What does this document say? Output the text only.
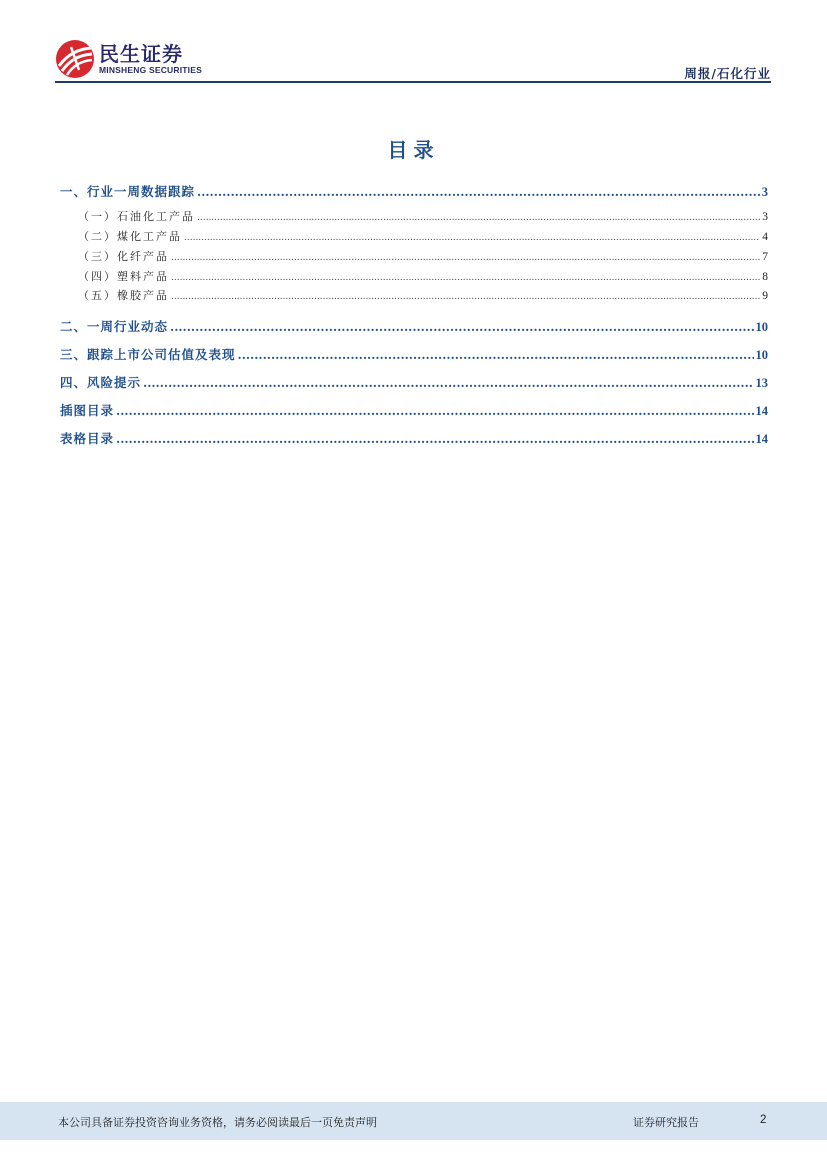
民生证券
MINSHENG SECURITIES	周报/石化行业
目录
一、行业一周数据跟踪 .....	3
（一）石油化工产品 .....	3
（二）煤化工产品 .....	4
（三）化纤产品 .....	7
（四）塑料产品 .....	8
（五）橡胶产品 .....	9
二、一周行业动态 .....	10
三、跟踪上市公司估值及表现 .....	10
四、风险提示 .....	13
插图目录 .....	14
表格目录 .....	14
本公司具备证券投资咨询业务资格，请务必阅读最后一页免责声明	证券研究报告	2
